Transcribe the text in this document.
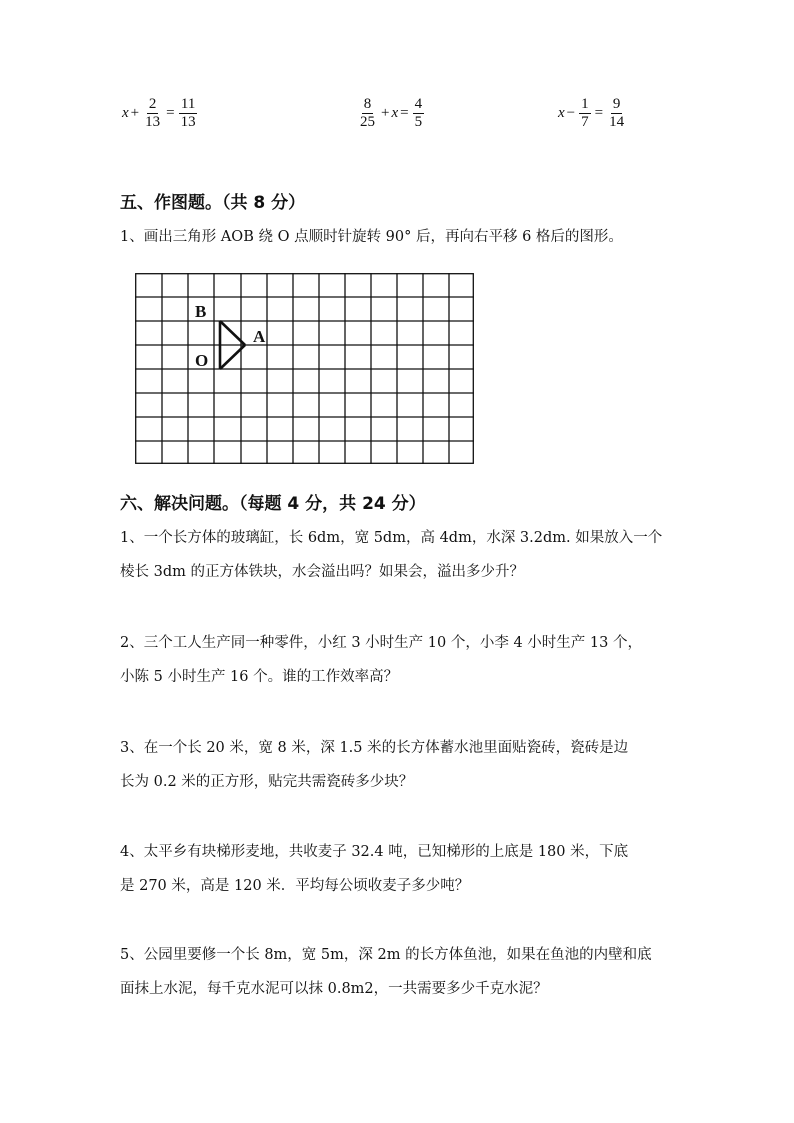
$x + \frac{2}{13} = \frac{11}{13}$	$\frac{8}{25} + x = \frac{4}{5}$	$x - \frac{1}{7} = \frac{9}{14}$
五、作图题。（共 8 分）
1、画出三角形 AOB 绕 O 点顺时针旋转 90° 后，再向右平移 6 格后的图形。
B
A
O
六、解决问题。（每题 4 分，共 24 分）
1、一个长方体的玻璃缸，长 6dm，宽 5dm，高 4dm，水深 3.2dm. 如果放入一个
棱长 3dm 的正方体铁块，水会溢出吗？如果会，溢出多少升？
2、三个工人生产同一种零件，小红 3 小时生产 10 个，小李 4 小时生产 13 个，
小陈 5 小时生产 16 个。谁的工作效率高？
3、在一个长 20 米，宽 8 米，深 1.5 米的长方体蓄水池里面贴瓷砖，瓷砖是边
长为 0.2 米的正方形，贴完共需瓷砖多少块？
4、太平乡有块梯形麦地，共收麦子 32.4 吨，已知梯形的上底是 180 米，下底
是 270 米，高是 120 米．平均每公顷收麦子多少吨？
5、公园里要修一个长 8m，宽 5m，深 2m 的长方体鱼池，如果在鱼池的内壁和底
面抹上水泥，每千克水泥可以抹 0.8m2，一共需要多少千克水泥？
